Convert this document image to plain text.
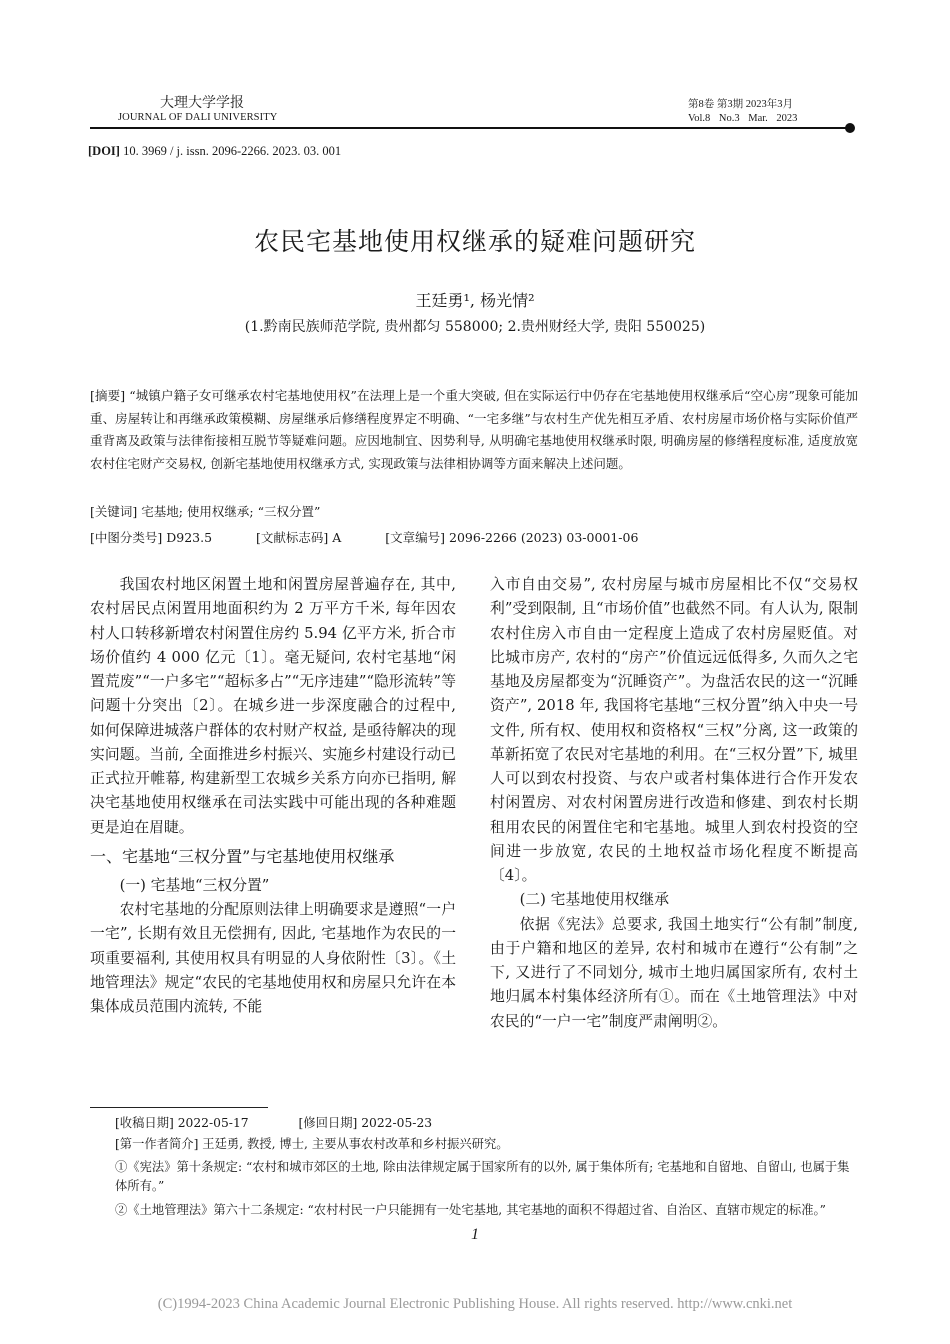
大理大学学报
JOURNAL OF DALI UNIVERSITY
第8卷 第3期 2023年3月
Vol.8 No.3 Mar. 2023
[DOI] 10. 3969 / j. issn. 2096-2266. 2023. 03. 001
农民宅基地使用权继承的疑难问题研究
王廷勇¹, 杨光情²
(1.黔南民族师范学院, 贵州都匀 558000; 2.贵州财经大学, 贵阳 550025)
[摘要] “城镇户籍子女可继承农村宅基地使用权”在法理上是一个重大突破, 但在实际运行中仍存在宅基地使用权继承后“空心房”现象可能加重、房屋转让和再继承政策模糊、房屋继承后修缮程度界定不明确、“一宅多继”与农村生产优先相互矛盾、农村房屋市场价格与实际价值严重背离及政策与法律衔接相互脱节等疑难问题。应因地制宜、因势利导, 从明确宅基地使用权继承时限, 明确房屋的修缮程度标准, 适度放宽农村住宅财产交易权, 创新宅基地使用权继承方式, 实现政策与法律相协调等方面来解决上述问题。
[关键词] 宅基地; 使用权继承; “三权分置”
[中图分类号] D923.5	[文献标志码] A	[文章编号] 2096-2266 (2023) 03-0001-06

我国农村地区闲置土地和闲置房屋普遍存在, 其中, 农村居民点闲置用地面积约为 2 万平方千米, 每年因农村人口转移新增农村闲置住房约 5.94 亿平方米, 折合市场价值约 4 000 亿元〔1〕。毫无疑问, 农村宅基地“闲置荒废”“一户多宅”“超标多占”“无序违建”“隐形流转”等问题十分突出〔2〕。在城乡进一步深度融合的过程中, 如何保障进城落户群体的农村财产权益, 是亟待解决的现实问题。当前, 全面推进乡村振兴、实施乡村建设行动已正式拉开帷幕, 构建新型工农城乡关系方向亦已指明, 解决宅基地使用权继承在司法实践中可能出现的各种难题更是迫在眉睫。

一、宅基地“三权分置”与宅基地使用权继承
(一) 宅基地“三权分置”

农村宅基地的分配原则法律上明确要求是遵照“一户一宅”, 长期有效且无偿拥有, 因此, 宅基地作为农民的一项重要福利, 其使用权具有明显的人身依附性〔3〕。《土地管理法》规定“农民的宅基地使用权和房屋只允许在本集体成员范围内流转, 不能

入市自由交易”, 农村房屋与城市房屋相比不仅“交易权利”受到限制, 且“市场价值”也截然不同。有人认为, 限制农村住房入市自由一定程度上造成了农村房屋贬值。对比城市房产, 农村的“房产”价值远远低得多, 久而久之宅基地及房屋都变为“沉睡资产”。为盘活农民的这一“沉睡资产”, 2018 年, 我国将宅基地“三权分置”纳入中央一号文件, 所有权、使用权和资格权“三权”分离, 这一政策的革新拓宽了农民对宅基地的利用。在“三权分置”下, 城里人可以到农村投资、与农户或者村集体进行合作开发农村闲置房、对农村闲置房进行改造和修建、到农村长期租用农民的闲置住宅和宅基地。城里人到农村投资的空间进一步放宽, 农民的土地权益市场化程度不断提高〔4〕。

(二) 宅基地使用权继承

依据《宪法》总要求, 我国土地实行“公有制”制度, 由于户籍和地区的差异, 农村和城市在遵行“公有制”之下, 又进行了不同划分, 城市土地归属国家所有, 农村土地归属本村集体经济所有①。而在《土地管理法》中对农民的“一户一宅”制度严肃阐明②。

[收稿日期] 2022-05-17	[修回日期] 2022-05-23
[第一作者简介] 王廷勇, 教授, 博士, 主要从事农村改革和乡村振兴研究。
①《宪法》第十条规定: “农村和城市郊区的土地, 除由法律规定属于国家所有的以外, 属于集体所有; 宅基地和自留地、自留山, 也属于集体所有。”
②《土地管理法》第六十二条规定: “农村村民一户只能拥有一处宅基地, 其宅基地的面积不得超过省、自治区、直辖市规定的标准。”
1
(C)1994-2023 China Academic Journal Electronic Publishing House. All rights reserved. http://www.cnki.net
